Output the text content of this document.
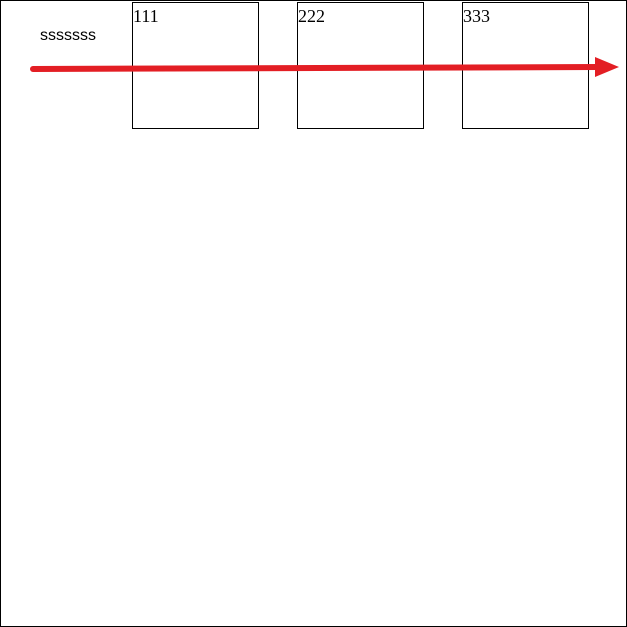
sssssss
111	222	333
